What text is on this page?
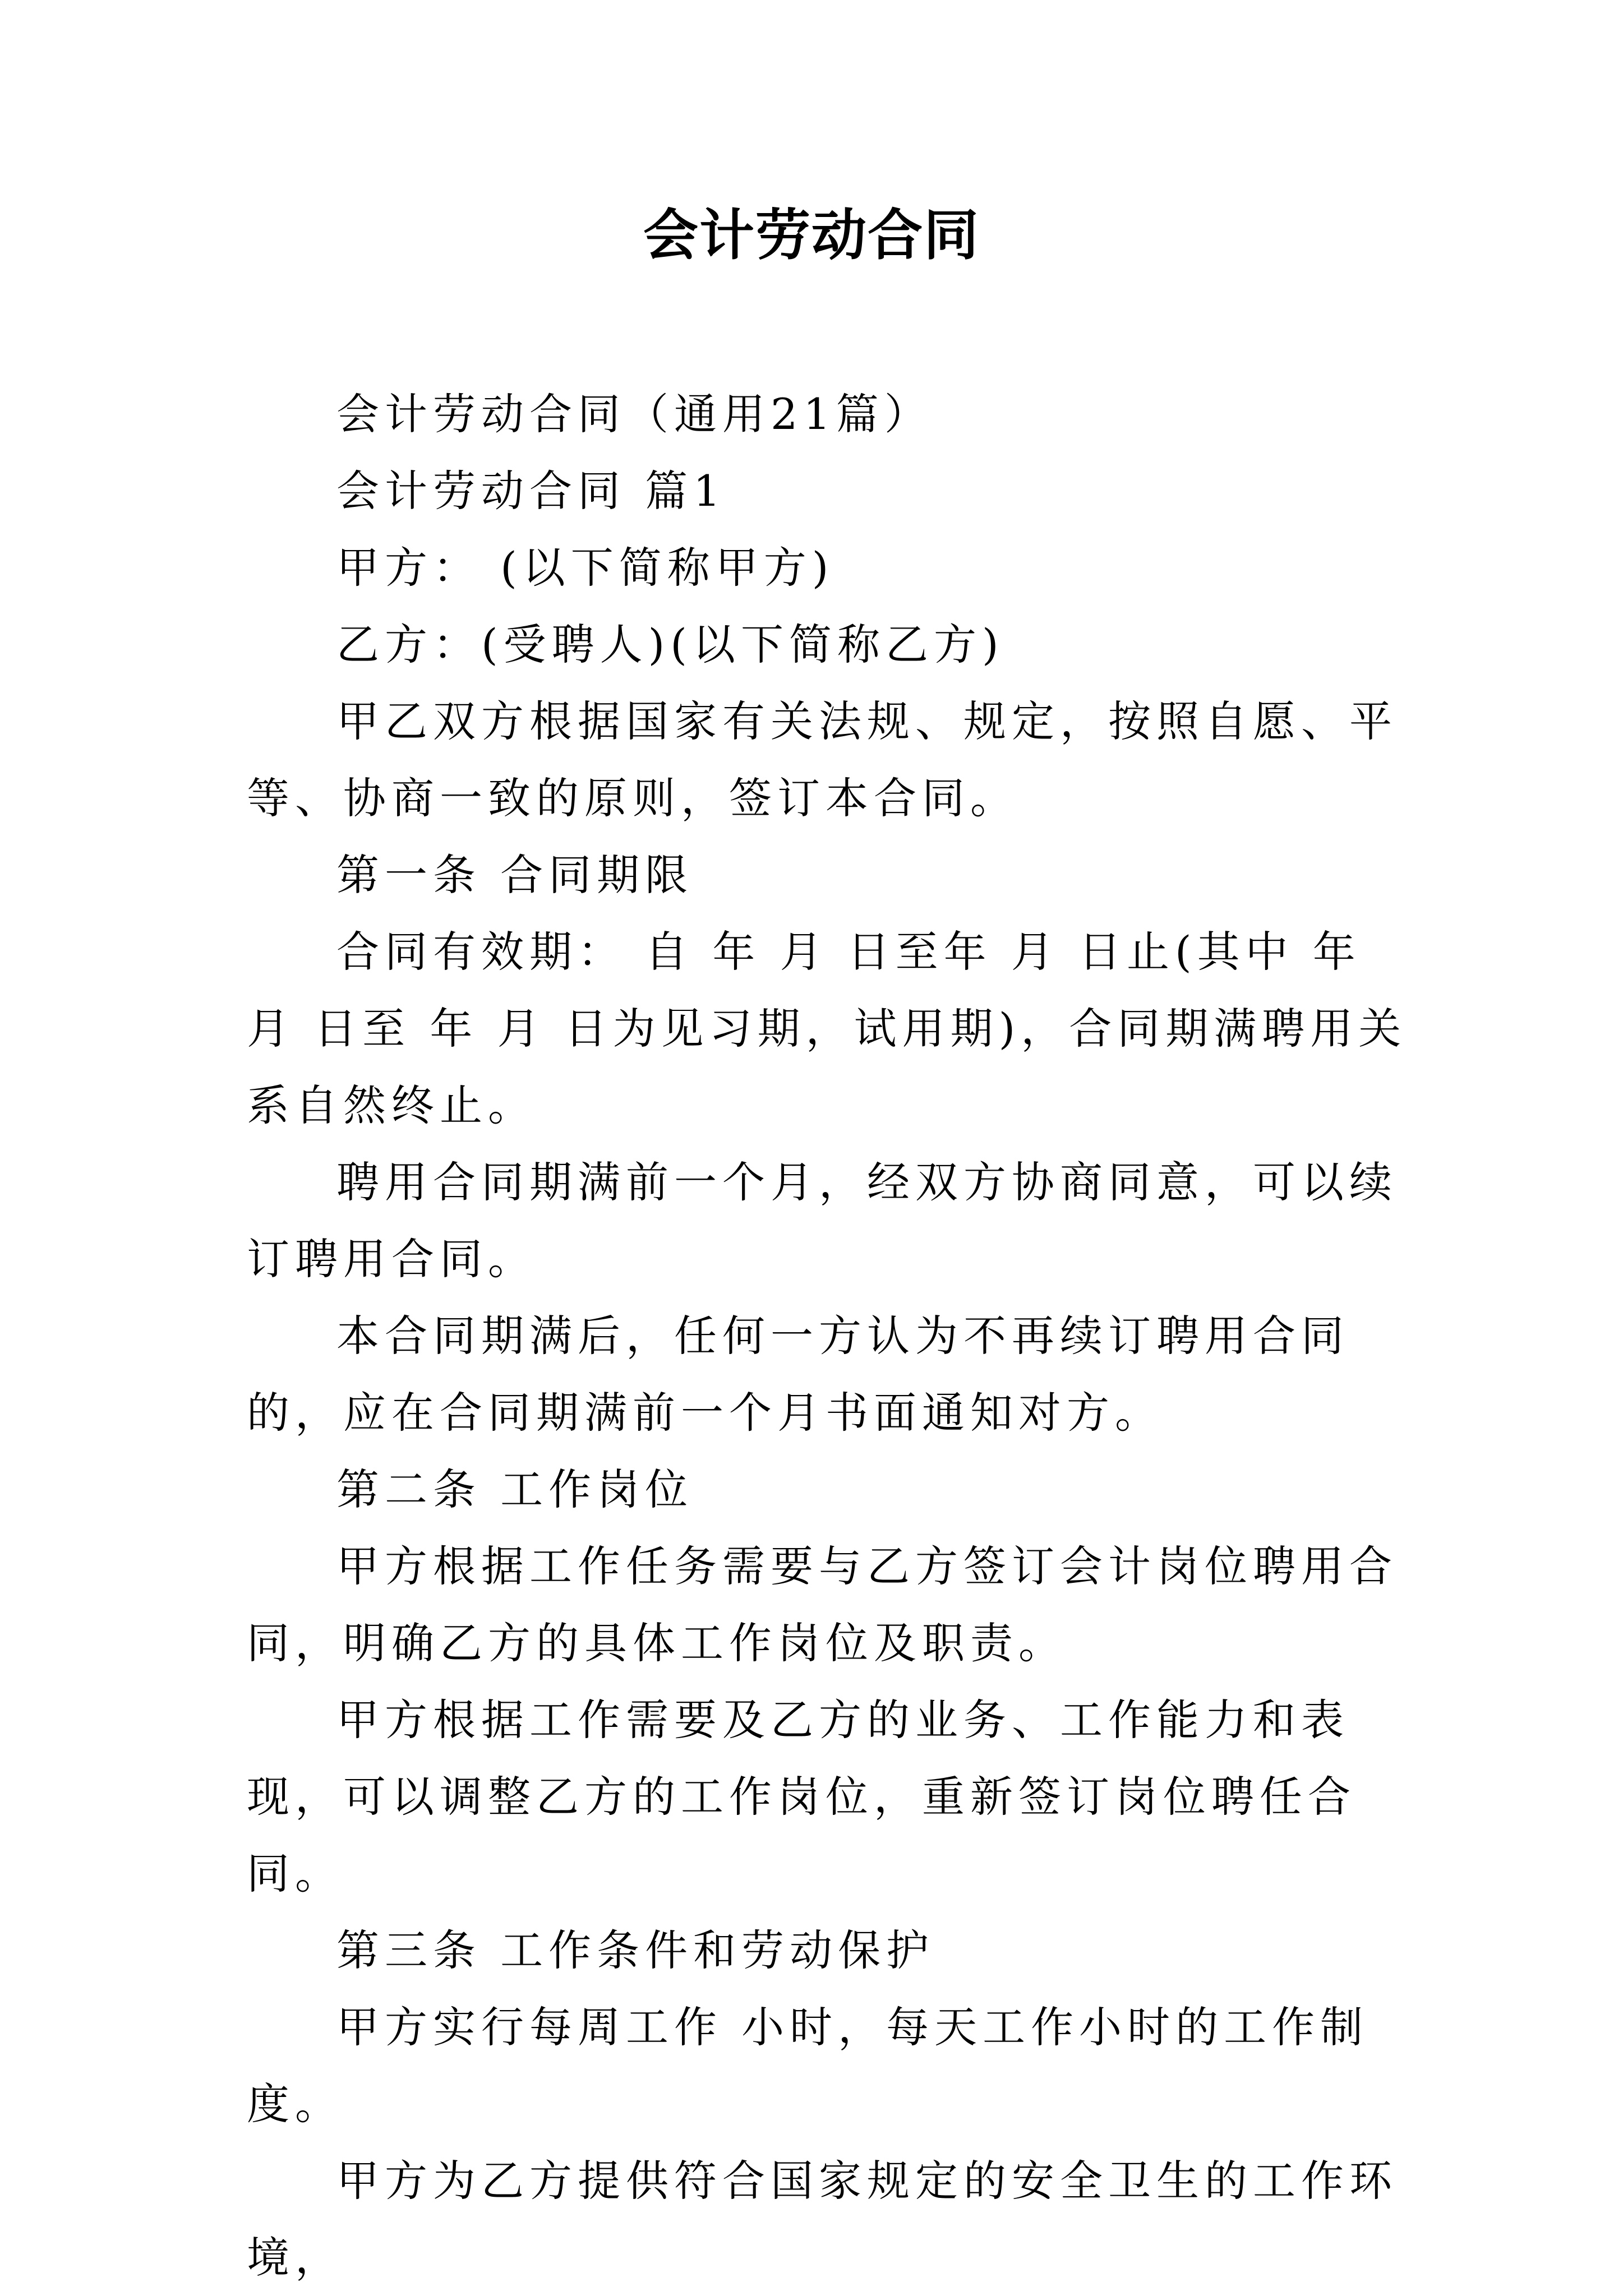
会计劳动合同

会计劳动合同（通用21篇）

会计劳动合同 篇1

甲方： (以下简称甲方)

乙方：(受聘人)(以下简称乙方)

甲乙双方根据国家有关法规、规定，按照自愿、平等、协商一致的原则，签订本合同。

第一条 合同期限

合同有效期： 自 年 月 日至年 月 日止(其中 年 月 日至 年 月 日为见习期，试用期)，合同期满聘用关系自然终止。

聘用合同期满前一个月，经双方协商同意，可以续订聘用合同。

本合同期满后，任何一方认为不再续订聘用合同的，应在合同期满前一个月书面通知对方。

第二条 工作岗位

甲方根据工作任务需要与乙方签订会计岗位聘用合同，明确乙方的具体工作岗位及职责。

甲方根据工作需要及乙方的业务、工作能力和表现，可以调整乙方的工作岗位，重新签订岗位聘任合同。

第三条 工作条件和劳动保护

甲方实行每周工作 小时，每天工作小时的工作制度。

甲方为乙方提供符合国家规定的安全卫生的工作环境，
